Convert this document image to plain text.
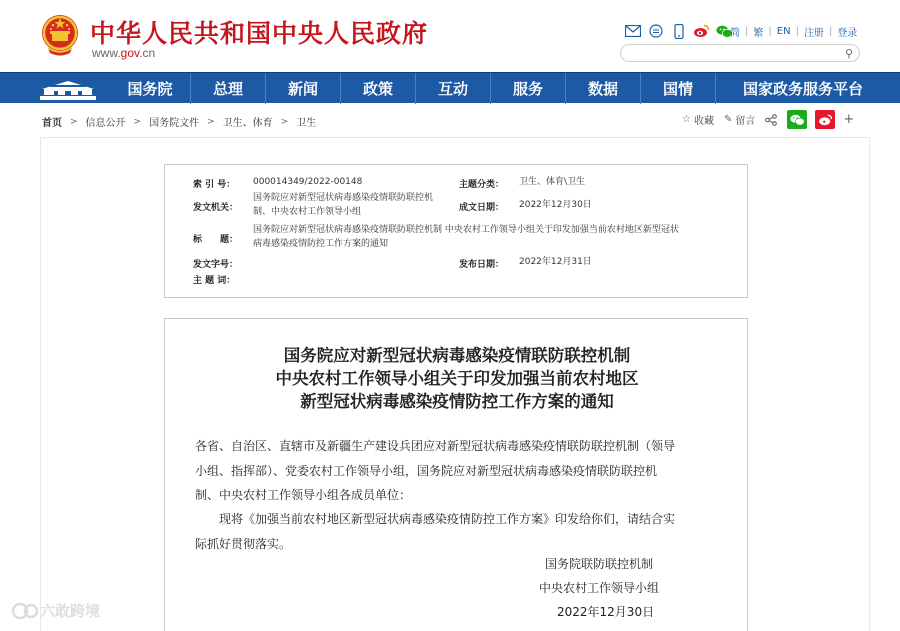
中华人民共和国中央人民政府
www.gov.cn
简 | 繁 | EN | 注册 | 登录
⚲
国务院	总理	新闻	政策	互动	服务	数据	国情	国家政务服务平台
首页 > 信息公开 > 国务院文件 > 卫生、体育 > 卫生	☆ 收藏 ✎ 留言	+
索 引 号： 000014349/2022-00148	主题分类： 卫生、体育\卫生
发文机关：
国务院应对新型冠状病毒感染疫情联防联控机
制、中央农村工作领导小组	成文日期： 2022年12月30日
标　　题：
国务院应对新型冠状病毒感染疫情联防联控机制 中央农村工作领导小组关于印发加强当前农村地区新型冠状
病毒感染疫情防控工作方案的通知
发文字号：	发布日期： 2022年12月31日
主 题 词：
国务院应对新型冠状病毒感染疫情联防联控机制
中央农村工作领导小组关于印发加强当前农村地区
新型冠状病毒感染疫情防控工作方案的通知
各省、自治区、直辖市及新疆生产建设兵团应对新型冠状病毒感染疫情联防联控机制（领导
小组、指挥部）、党委农村工作领导小组，国务院应对新型冠状病毒感染疫情联防联控机
制、中央农村工作领导小组各成员单位：
　　现将《加强当前农村地区新型冠状病毒感染疫情防控工作方案》印发给你们，请结合实
际抓好贯彻落实。
国务院联防联控机制
中央农村工作领导小组
2022年12月30日
六敢跨境
